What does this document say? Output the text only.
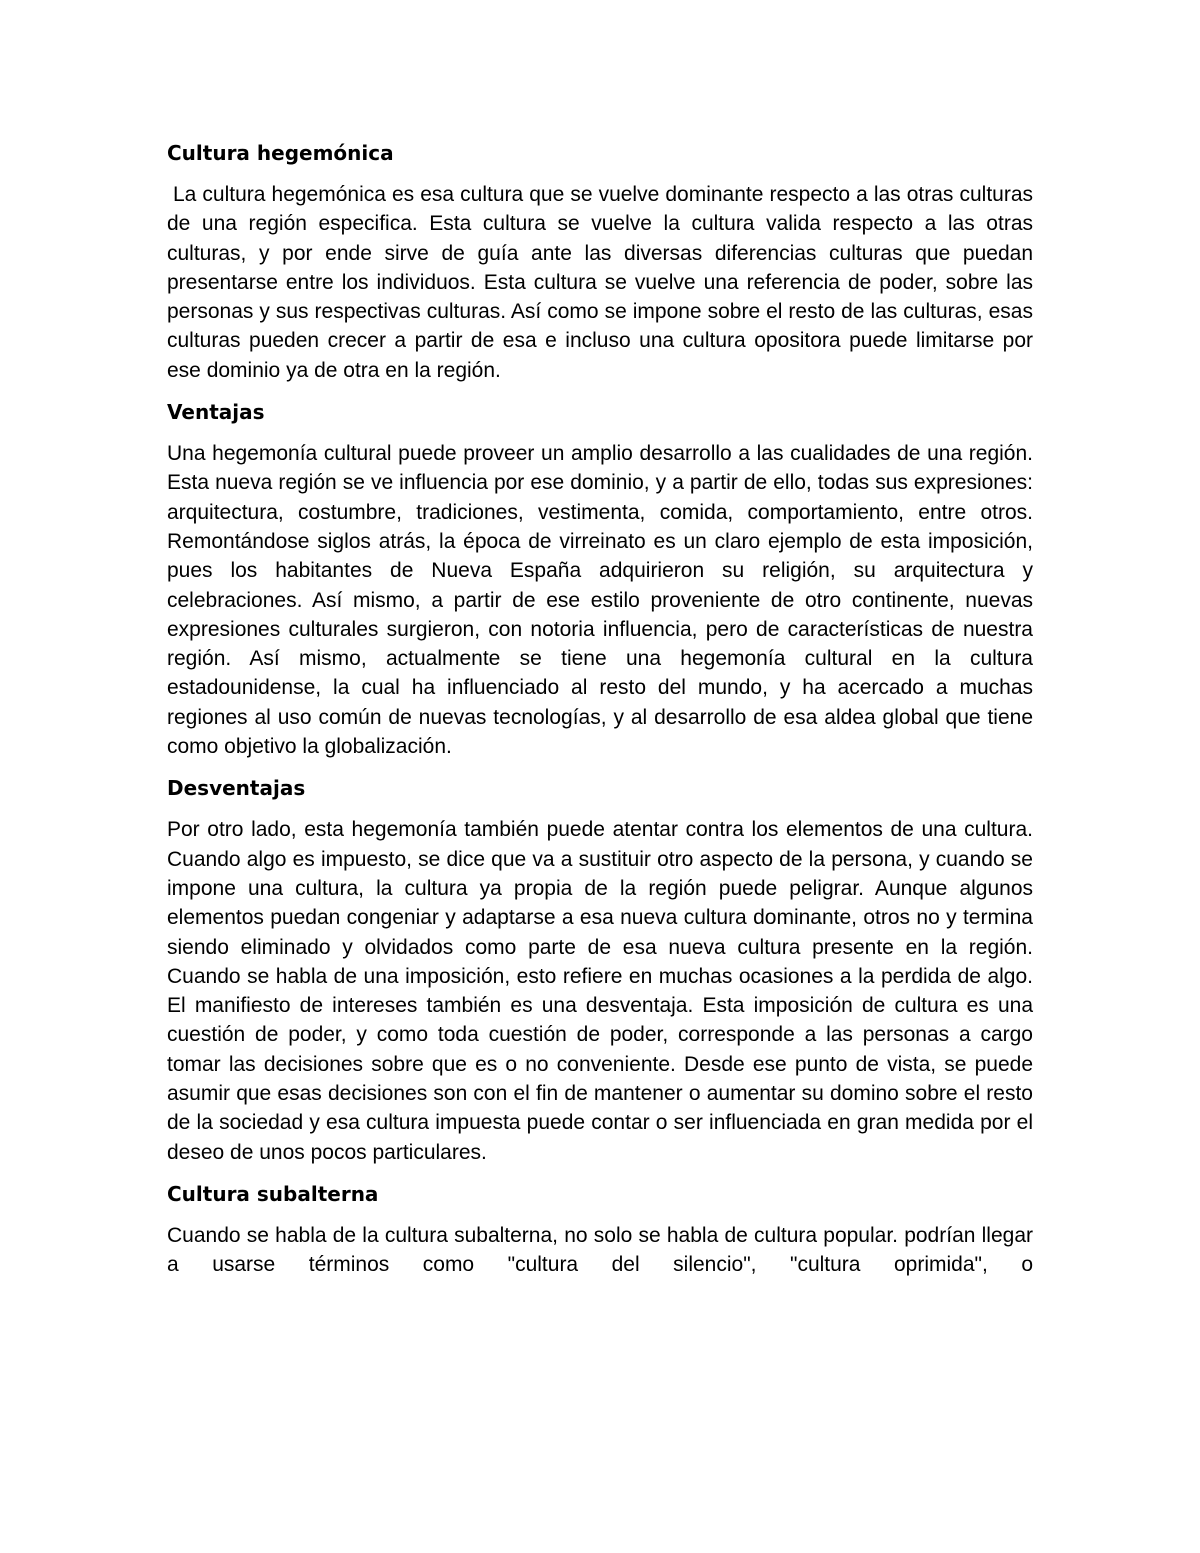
Cultura hegemónica

La cultura hegemónica es esa cultura que se vuelve dominante respecto a las otras culturas de una región especifica. Esta cultura se vuelve la cultura valida respecto a las otras culturas, y por ende sirve de guía ante las diversas diferencias culturas que puedan presentarse entre los individuos. Esta cultura se vuelve una referencia de poder, sobre las personas y sus respectivas culturas. Así como se impone sobre el resto de las culturas, esas culturas pueden crecer a partir de esa e incluso una cultura opositora puede limitarse por ese dominio ya de otra en la región.

Ventajas

Una hegemonía cultural puede proveer un amplio desarrollo a las cualidades de una región. Esta nueva región se ve influencia por ese dominio, y a partir de ello, todas sus expresiones: arquitectura, costumbre, tradiciones, vestimenta, comida, comportamiento, entre otros. Remontándose siglos atrás, la época de virreinato es un claro ejemplo de esta imposición, pues los habitantes de Nueva España adquirieron su religión, su arquitectura y celebraciones. Así mismo, a partir de ese estilo proveniente de otro continente, nuevas expresiones culturales surgieron, con notoria influencia, pero de características de nuestra región. Así mismo, actualmente se tiene una hegemonía cultural en la cultura estadounidense, la cual ha influenciado al resto del mundo, y ha acercado a muchas regiones al uso común de nuevas tecnologías, y al desarrollo de esa aldea global que tiene como objetivo la globalización.

Desventajas

Por otro lado, esta hegemonía también puede atentar contra los elementos de una cultura. Cuando algo es impuesto, se dice que va a sustituir otro aspecto de la persona, y cuando se impone una cultura, la cultura ya propia de la región puede peligrar. Aunque algunos elementos puedan congeniar y adaptarse a esa nueva cultura dominante, otros no y termina siendo eliminado y olvidados como parte de esa nueva cultura presente en la región. Cuando se habla de una imposición, esto refiere en muchas ocasiones a la perdida de algo. El manifiesto de intereses también es una desventaja. Esta imposición de cultura es una cuestión de poder, y como toda cuestión de poder, corresponde a las personas a cargo tomar las decisiones sobre que es o no conveniente. Desde ese punto de vista, se puede asumir que esas decisiones son con el fin de mantener o aumentar su domino sobre el resto de la sociedad y esa cultura impuesta puede contar o ser influenciada en gran medida por el deseo de unos pocos particulares.

Cultura subalterna

Cuando se habla de la cultura subalterna, no solo se habla de cultura popular. podrían llegar a usarse términos como "cultura del silencio", "cultura oprimida", o
